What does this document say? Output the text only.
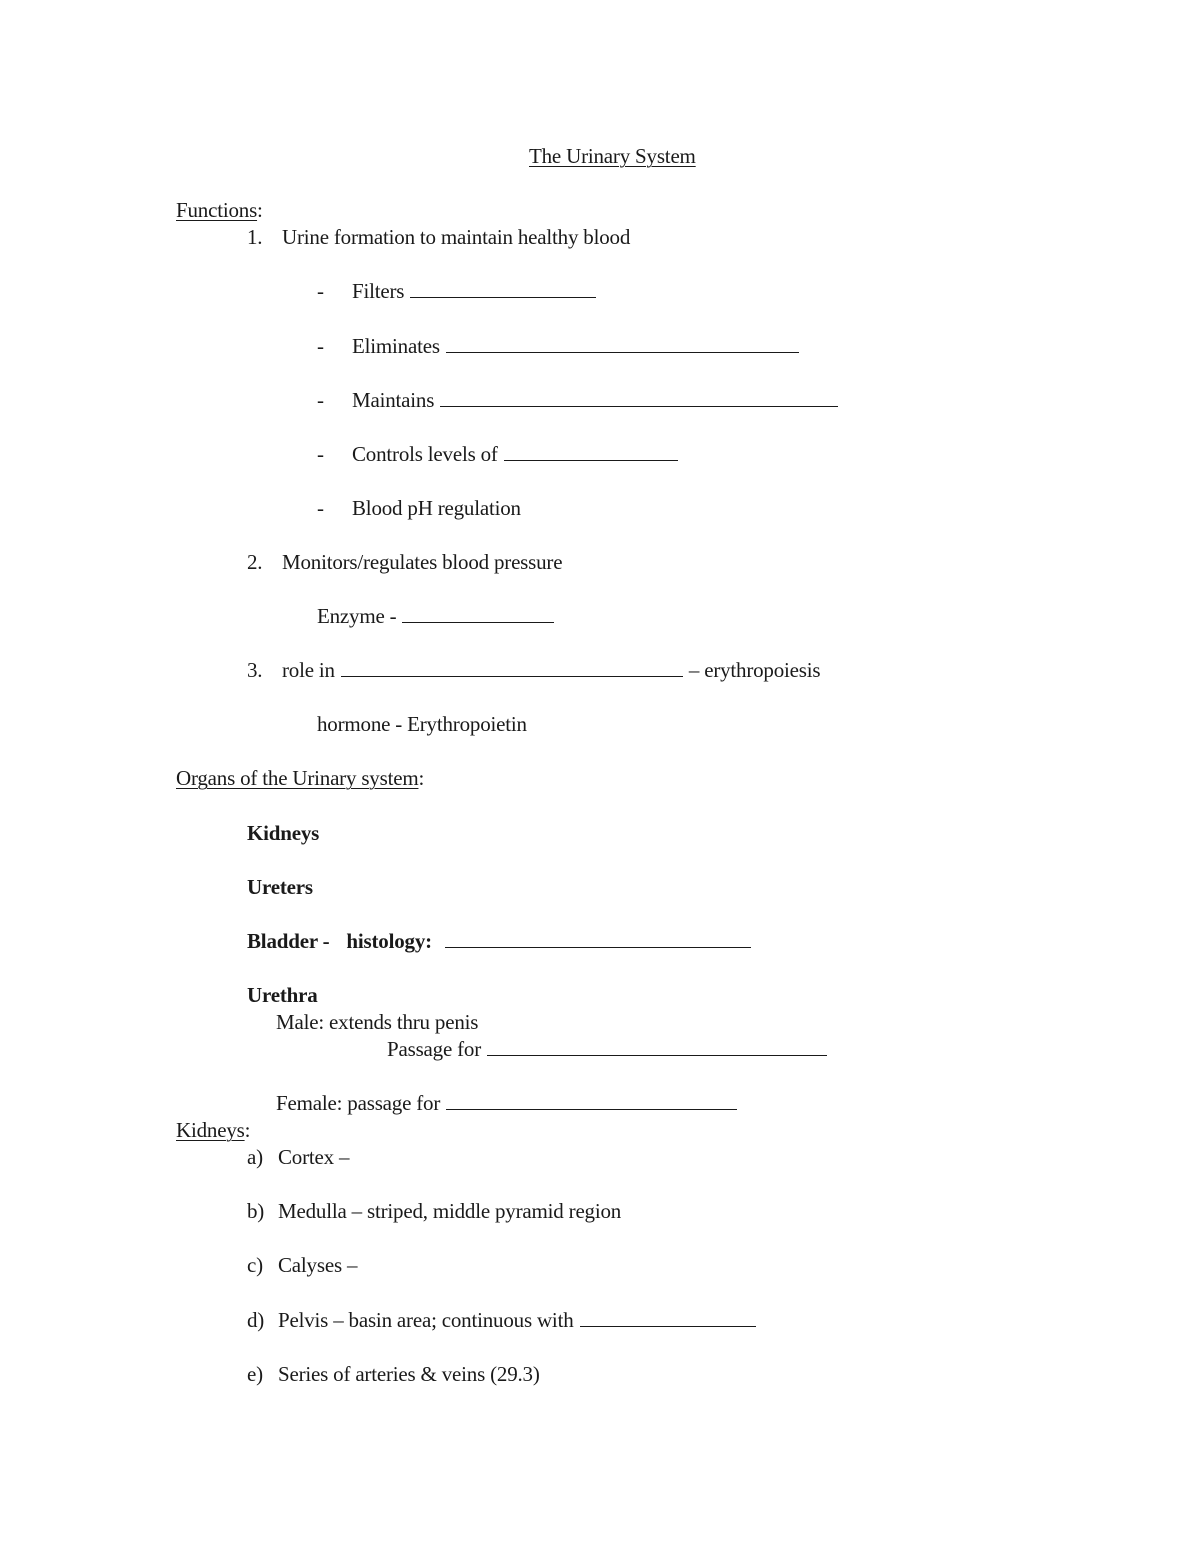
The Urinary System
Functions:
1. Urine formation to maintain healthy blood
- Filters
- Eliminates
- Maintains
- Controls levels of
- Blood pH regulation
2. Monitors/regulates blood pressure
Enzyme -
3. role in	– erythropoiesis
hormone - Erythropoietin
Organs of the Urinary system:
Kidneys
Ureters
Bladder - histology:
Urethra
Male: extends thru penis
Passage for
Female: passage for
Kidneys:
a) Cortex –
b) Medulla – striped, middle pyramid region
c) Calyses –
d) Pelvis – basin area; continuous with
e) Series of arteries & veins (29.3)
